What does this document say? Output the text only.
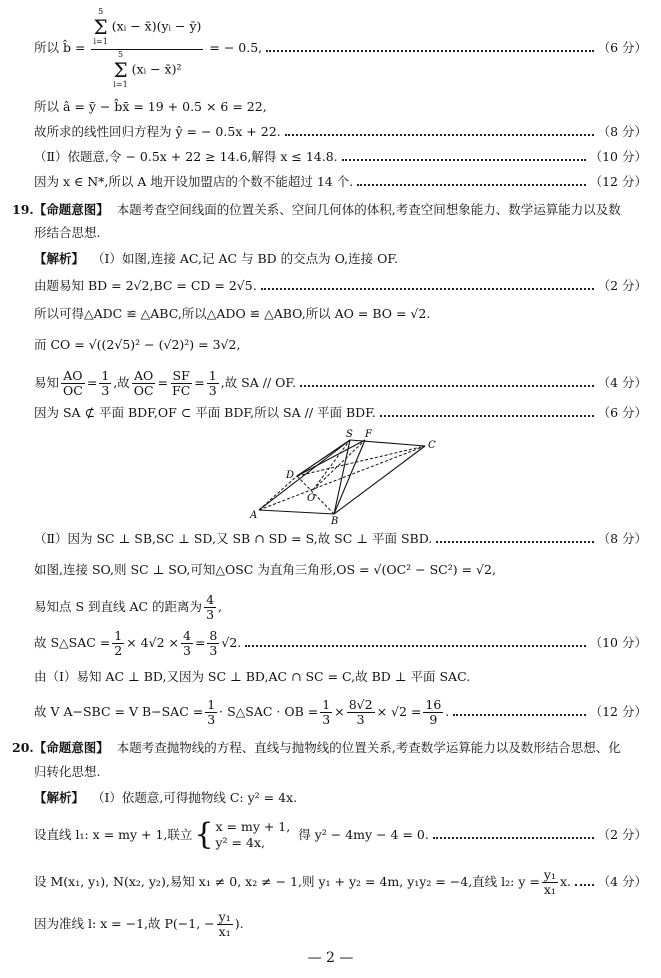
所以 b̂ = 5
Σ
i=1
(xᵢ − x̄)(yᵢ − ȳ)
5
Σ
i=1
(xᵢ − x̄)² = − 0.5,	（6 分）
所以 â = ȳ − b̂x̄ = 19 + 0.5 × 6 = 22,
故所求的线性回归方程为 ŷ = − 0.5x + 22.	（8 分）
（Ⅱ）依题意,令 − 0.5x + 22 ≥ 14.6,解得 x ≤ 14.8.	（10 分）
因为 x ∈ N*,所以 A 地开设加盟店的个数不能超过 14 个.	（12 分）
19.【命题意图】 本题考查空间线面的位置关系、空间几何体的体积,考查空间想象能力、数学运算能力以及数
形结合思想.
【解析】 （Ⅰ）如图,连接 AC,记 AC 与 BD 的交点为 O,连接 OF.
由题易知 BD = 2√2,BC = CD = 2√5.	（2 分）
所以可得△ADC ≌ △ABC,所以△ADO ≌ △ABO,所以 AO = BO = √2.
而 CO = √((2√5)² − (√2)²) = 3√2,
易知 $\frac{AO}{OC} = \frac{1}{3}$ ,故 $\frac{AO}{OC} = \frac{SF}{FC} = \frac{1}{3}$ ,故 SA // OF.	（4 分）
因为 SA ⊄ 平面 BDF,OF ⊂ 平面 BDF,所以 SA // 平面 BDF.	（6 分）
S F
C
D
O
A
B
（Ⅱ）因为 SC ⊥ SB,SC ⊥ SD,又 SB ∩ SD = S,故 SC ⊥ 平面 SBD.	（8 分）
如图,连接 SO,则 SC ⊥ SO,可知△OSC 为直角三角形,OS = √(OC² − SC²) = √2,
易知点 S 到直线 AC 的距离为 $\frac{4}{3}$ ,
故 S△SAC = $\frac{1}{2} \times 4√2 \times \frac{4}{3} = \frac{8}{3} √2$.	（10 分）
由（Ⅰ）易知 AC ⊥ BD,又因为 SC ⊥ BD,AC ∩ SC = C,故 BD ⊥ 平面 SAC.
故 V A−SBC = V $B-SAC = \frac{1}{3}$ · S△SAC · OB = $\frac{1}{3} \times \frac{8√2}{3} \times √2 = \frac{16}{9}$ .	（12 分）
20.【命题意图】 本题考查抛物线的方程、直线与抛物线的位置关系,考查数学运算能力以及数形结合思想、化
归转化思想.
【解析】 （Ⅰ）依题意,可得抛物线 C: y² = 4x.
设直线 l₁: x = my + 1,联立 { x = my + 1,
y² = 4x,
得 y² − 4my − 4 = 0.	（2 分）
设 M(x₁, y₁), N(x₂, y₂),易知 x₁ ≠ 0, x₂ ≠ − 1,则 y₁ + y₂ = 4m, y₁y₂ = −4,直线 l₂: $y = \frac{\text{y₁}}{\text{x₁}} x$. （4 分）
因为准线 l: x = −1,故 P(−1, − $\frac{\text{y₁}}{\text{x₁}}$ ).
— 2 —
